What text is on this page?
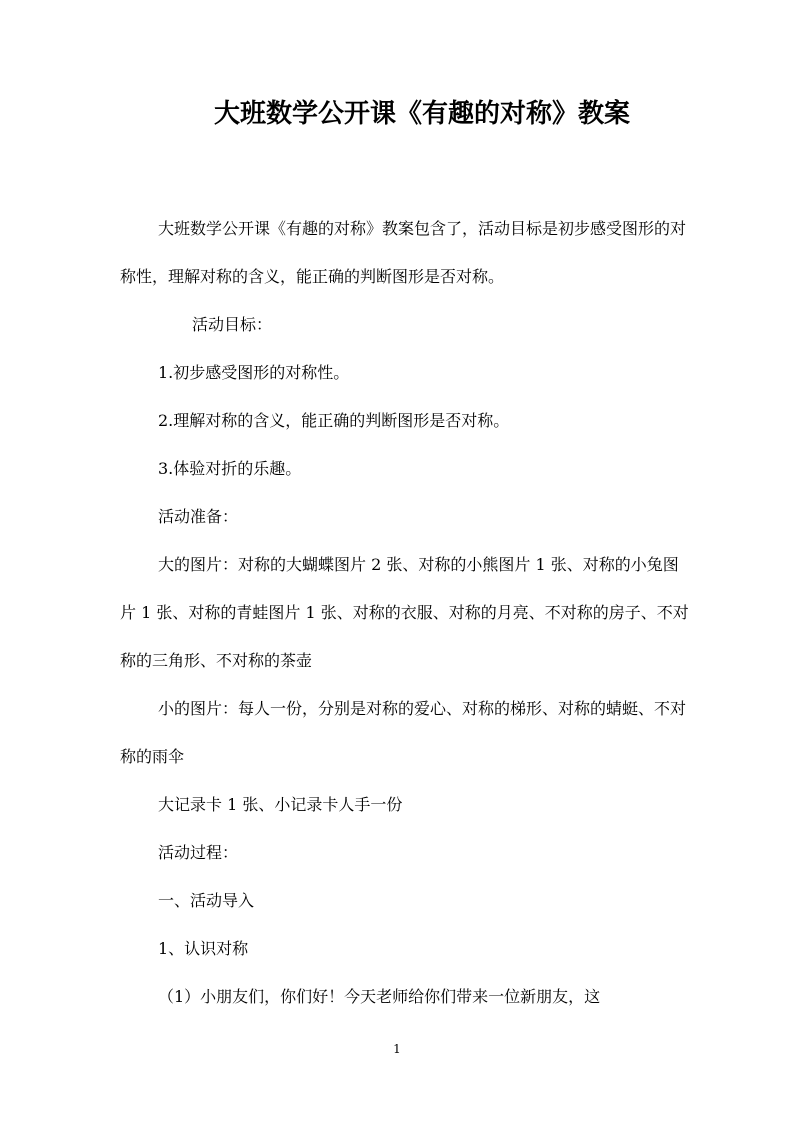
大班数学公开课《有趣的对称》教案

大班数学公开课《有趣的对称》教案包含了，活动目标是初步感受图形的对称性，理解对称的含义，能正确的判断图形是否对称。

活动目标：

1.初步感受图形的对称性。

2.理解对称的含义，能正确的判断图形是否对称。

3.体验对折的乐趣。

活动准备：

大的图片：对称的大蝴蝶图片 2 张、对称的小熊图片 1 张、对称的小兔图片 1 张、对称的青蛙图片 1 张、对称的衣服、对称的月亮、不对称的房子、不对称的三角形、不对称的茶壶

小的图片：每人一份，分别是对称的爱心、对称的梯形、对称的蜻蜓、不对称的雨伞

大记录卡 1 张、小记录卡人手一份

活动过程：

一、活动导入

1、认识对称

（1）小朋友们，你们好！今天老师给你们带来一位新朋友，这

1
